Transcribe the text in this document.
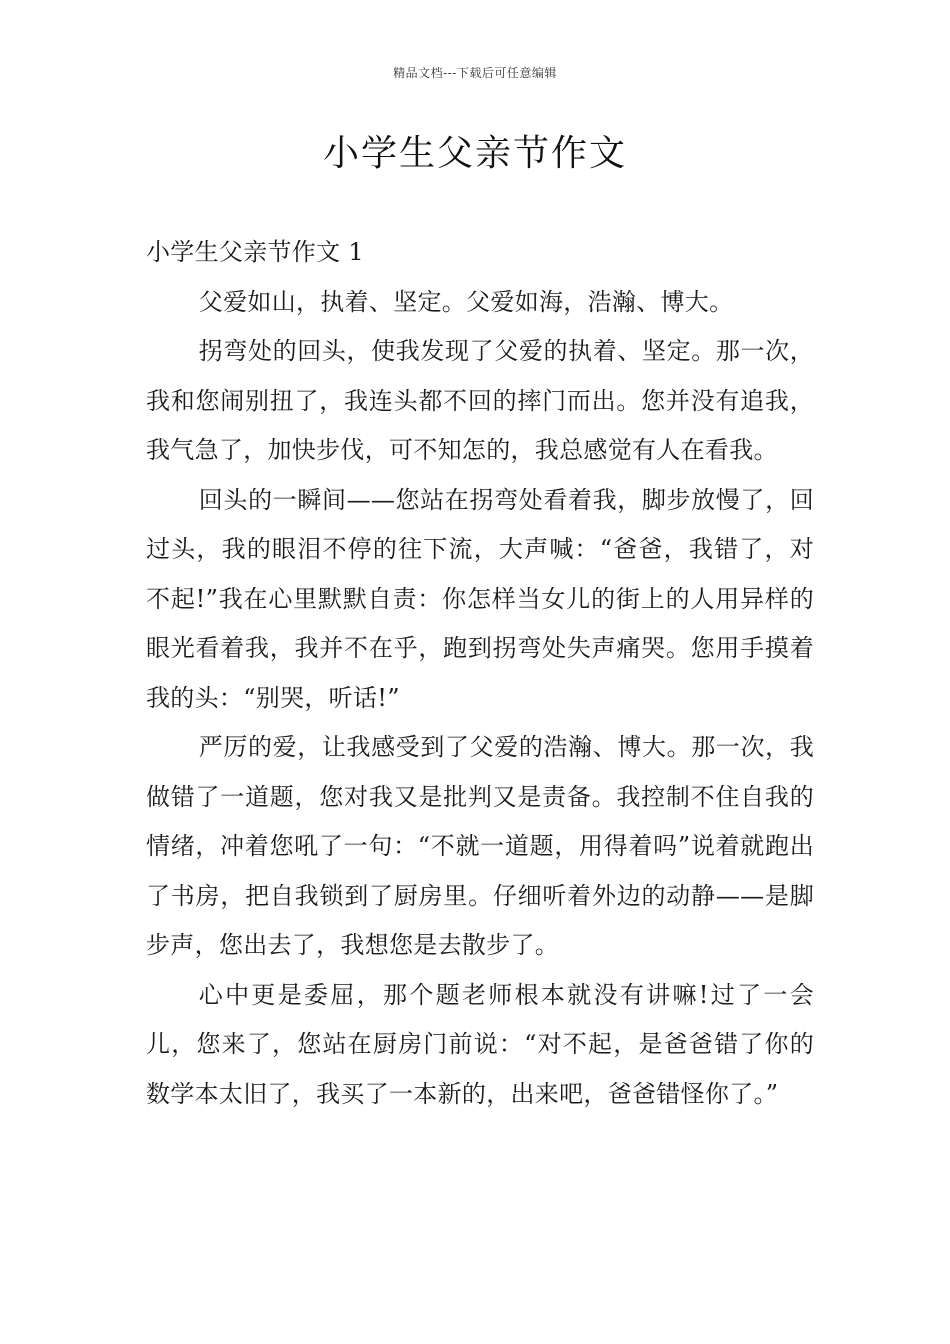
精品文档---下载后可任意编辑
小学生父亲节作文

小学生父亲节作文 1

父爱如山，执着、坚定。父爱如海，浩瀚、博大。

拐弯处的回头，使我发现了父爱的执着、坚定。那一次，我和您闹别扭了，我连头都不回的摔门而出。您并没有追我，我气急了，加快步伐，可不知怎的，我总感觉有人在看我。

回头的一瞬间——您站在拐弯处看着我，脚步放慢了，回过头，我的眼泪不停的往下流，大声喊：“爸爸，我错了，对不起!”我在心里默默自责：你怎样当女儿的街上的人用异样的眼光看着我，我并不在乎，跑到拐弯处失声痛哭。您用手摸着我的头：“别哭，听话!”

严厉的爱，让我感受到了父爱的浩瀚、博大。那一次，我做错了一道题，您对我又是批判又是责备。我控制不住自我的情绪，冲着您吼了一句：“不就一道题，用得着吗”说着就跑出了书房，把自我锁到了厨房里。仔细听着外边的动静——是脚步声，您出去了，我想您是去散步了。

心中更是委屈，那个题老师根本就没有讲嘛!过了一会儿，您来了，您站在厨房门前说：“对不起，是爸爸错了你的数学本太旧了，我买了一本新的，出来吧，爸爸错怪你了。”
